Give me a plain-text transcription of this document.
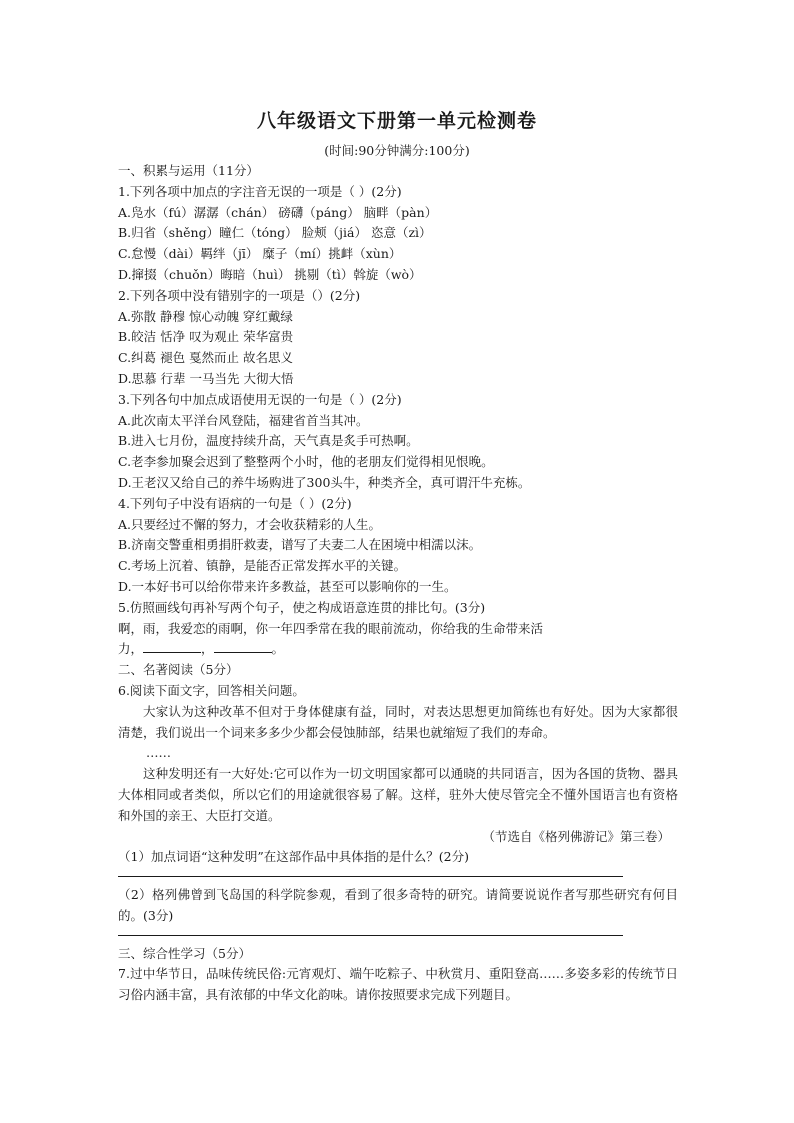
八年级语文下册第一单元检测卷
(时间:90分钟满分:100分)
一、积累与运用（11分）
1.下列各项中加点的字注音无误的一项是（ ）(2分)
A.凫水（fú）潺潺（chán） 磅礴（páng） 脑畔（pàn）
B.归省（shěng）瞳仁（tóng） 脸颊（jiá） 恣意（zì）
C.怠慢（dài）羁绊（jī） 糜子（mí）挑衅（xùn）
D.撺掇（chuǒn）晦暗（huì） 挑剔（tì）斡旋（wò）
2.下列各项中没有错别字的一项是（）(2分)
A.弥散 静穆 惊心动魄 穿红戴绿
B.皎洁 恬净 叹为观止 荣华富贵
C.纠葛 褪色 戛然而止 故名思义
D.思慕 行辈 一马当先 大彻大悟
3.下列各句中加点成语使用无误的一句是（ ）(2分)
A.此次南太平洋台风登陆，福建省首当其冲。
B.进入七月份，温度持续升高，天气真是炙手可热啊。
C.老李参加聚会迟到了整整两个小时，他的老朋友们觉得相见恨晚。
D.王老汉又给自己的养牛场购进了300头牛，种类齐全，真可谓汗牛充栋。
4.下列句子中没有语病的一句是（ ）(2分)
A.只要经过不懈的努力，才会收获精彩的人生。
B.济南交警重相勇捐肝救妻，谱写了夫妻二人在困境中相濡以沫。
C.考场上沉着、镇静，是能否正常发挥水平的关键。
D.一本好书可以给你带来许多教益，甚至可以影响你的一生。
5.仿照画线句再补写两个句子，使之构成语意连贯的排比句。(3分)
啊，雨，我爱恋的雨啊，你一年四季常在我的眼前流动，你给我的生命带来活
力，	，	。
二、名著阅读（5分）
6.阅读下面文字，回答相关问题。
大家认为这种改革不但对于身体健康有益，同时，对表达思想更加简练也有好处。因为大家都很清楚，我们说出一个词来多多少少都会侵蚀肺部，结果也就缩短了我们的寿命。
……
这种发明还有一大好处:它可以作为一切文明国家都可以通晓的共同语言，因为各国的货物、器具大体相同或者类似，所以它们的用途就很容易了解。这样，驻外大使尽管完全不懂外国语言也有资格和外国的亲王、大臣打交道。
（节选自《格列佛游记》第三卷）
（1）加点词语“这种发明”在这部作品中具体指的是什么？(2分)
（2）格列佛曾到飞岛国的科学院参观，看到了很多奇特的研究。请简要说说作者写那些研究有何目的。(3分)
三、综合性学习（5分）
7.过中华节日，品味传统民俗:元宵观灯、端午吃粽子、中秋赏月、重阳登高……多姿多彩的传统节日习俗内涵丰富，具有浓郁的中华文化韵味。请你按照要求完成下列题目。
